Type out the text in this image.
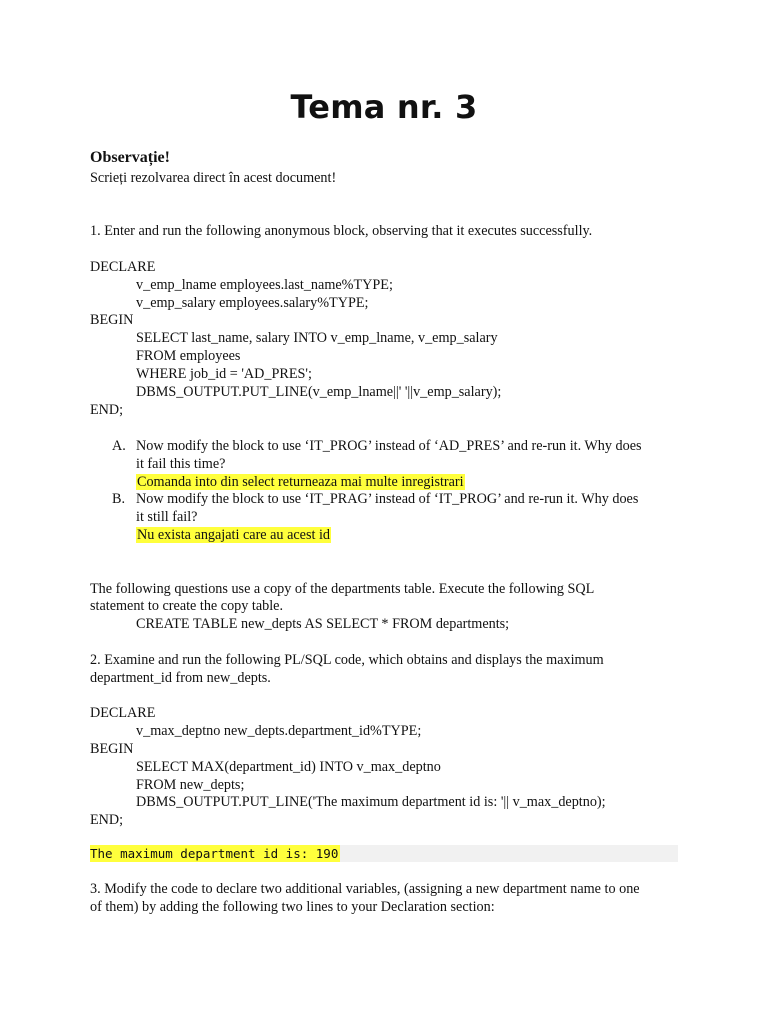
Tema nr. 3
Observație!
Scrieți rezolvarea direct în acest document!
1. Enter and run the following anonymous block, observing that it executes successfully.
DECLARE
v_emp_lname employees.last_name%TYPE;
v_emp_salary employees.salary%TYPE;
BEGIN
SELECT last_name, salary INTO v_emp_lname, v_emp_salary
FROM employees
WHERE job_id = 'AD_PRES';
DBMS_OUTPUT.PUT_LINE(v_emp_lname||' '||v_emp_salary);
END;
A. Now modify the block to use ‘IT_PROG’ instead of ‘AD_PRES’ and re-run it. Why does
it fail this time?
Comanda into din select returneaza mai multe inregistrari
B. Now modify the block to use ‘IT_PRAG’ instead of ‘IT_PROG’ and re-run it. Why does
it still fail?
Nu exista angajati care au acest id
The following questions use a copy of the departments table. Execute the following SQL
statement to create the copy table.
CREATE TABLE new_depts AS SELECT * FROM departments;
2. Examine and run the following PL/SQL code, which obtains and displays the maximum
department_id from new_depts.
DECLARE
v_max_deptno new_depts.department_id%TYPE;
BEGIN
SELECT MAX(department_id) INTO v_max_deptno
FROM new_depts;
DBMS_OUTPUT.PUT_LINE('The maximum department id is: '|| v_max_deptno);
END;
The maximum department id is: 190
3. Modify the code to declare two additional variables, (assigning a new department name to one
of them) by adding the following two lines to your Declaration section:
